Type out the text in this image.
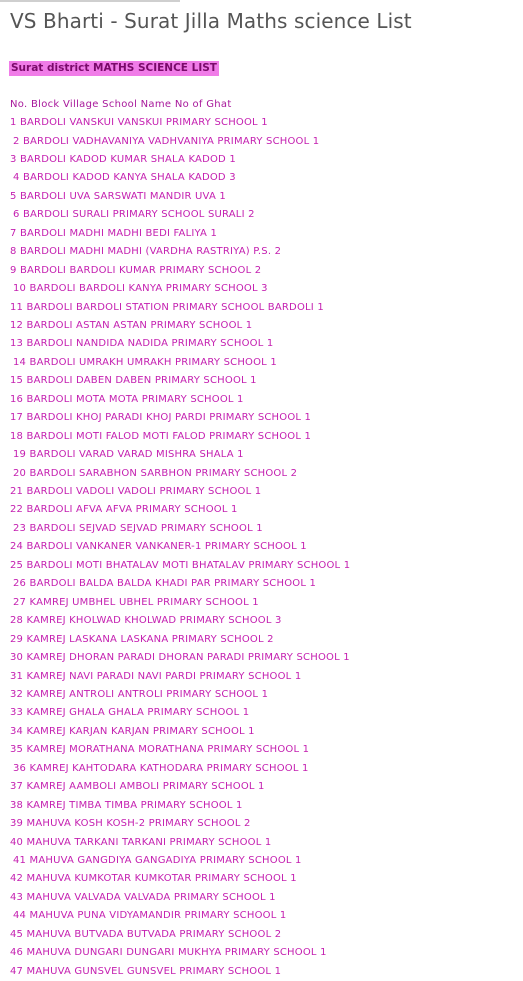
VS Bharti - Surat Jilla Maths science List
Surat district MATHS SCIENCE LIST
No. Block Village School Name No of Ghat
1 BARDOLI VANSKUI VANSKUI PRIMARY SCHOOL 1
2 BARDOLI VADHAVANIYA VADHVANIYA PRIMARY SCHOOL 1
3 BARDOLI KADOD KUMAR SHALA KADOD 1
4 BARDOLI KADOD KANYA SHALA KADOD 3
5 BARDOLI UVA SARSWATI MANDIR UVA 1
6 BARDOLI SURALI PRIMARY SCHOOL SURALI 2
7 BARDOLI MADHI MADHI BEDI FALIYA 1
8 BARDOLI MADHI MADHI (VARDHA RASTRIYA) P.S. 2
9 BARDOLI BARDOLI KUMAR PRIMARY SCHOOL 2
10 BARDOLI BARDOLI KANYA PRIMARY SCHOOL 3
11 BARDOLI BARDOLI STATION PRIMARY SCHOOL BARDOLI 1
12 BARDOLI ASTAN ASTAN PRIMARY SCHOOL 1
13 BARDOLI NANDIDA NADIDA PRIMARY SCHOOL 1
14 BARDOLI UMRAKH UMRAKH PRIMARY SCHOOL 1
15 BARDOLI DABEN DABEN PRIMARY SCHOOL 1
16 BARDOLI MOTA MOTA PRIMARY SCHOOL 1
17 BARDOLI KHOJ PARADI KHOJ PARDI PRIMARY SCHOOL 1
18 BARDOLI MOTI FALOD MOTI FALOD PRIMARY SCHOOL 1
19 BARDOLI VARAD VARAD MISHRA SHALA 1
20 BARDOLI SARABHON SARBHON PRIMARY SCHOOL 2
21 BARDOLI VADOLI VADOLI PRIMARY SCHOOL 1
22 BARDOLI AFVA AFVA PRIMARY SCHOOL 1
23 BARDOLI SEJVAD SEJVAD PRIMARY SCHOOL 1
24 BARDOLI VANKANER VANKANER-1 PRIMARY SCHOOL 1
25 BARDOLI MOTI BHATALAV MOTI BHATALAV PRIMARY SCHOOL 1
26 BARDOLI BALDA BALDA KHADI PAR PRIMARY SCHOOL 1
27 KAMREJ UMBHEL UBHEL PRIMARY SCHOOL 1
28 KAMREJ KHOLWAD KHOLWAD PRIMARY SCHOOL 3
29 KAMREJ LASKANA LASKANA PRIMARY SCHOOL 2
30 KAMREJ DHORAN PARADI DHORAN PARADI PRIMARY SCHOOL 1
31 KAMREJ NAVI PARADI NAVI PARDI PRIMARY SCHOOL 1
32 KAMREJ ANTROLI ANTROLI PRIMARY SCHOOL 1
33 KAMREJ GHALA GHALA PRIMARY SCHOOL 1
34 KAMREJ KARJAN KARJAN PRIMARY SCHOOL 1
35 KAMREJ MORATHANA MORATHANA PRIMARY SCHOOL 1
36 KAMREJ KAHTODARA KATHODARA PRIMARY SCHOOL 1
37 KAMREJ AAMBOLI AMBOLI PRIMARY SCHOOL 1
38 KAMREJ TIMBA TIMBA PRIMARY SCHOOL 1
39 MAHUVA KOSH KOSH-2 PRIMARY SCHOOL 2
40 MAHUVA TARKANI TARKANI PRIMARY SCHOOL 1
41 MAHUVA GANGDIYA GANGADIYA PRIMARY SCHOOL 1
42 MAHUVA KUMKOTAR KUMKOTAR PRIMARY SCHOOL 1
43 MAHUVA VALVADA VALVADA PRIMARY SCHOOL 1
44 MAHUVA PUNA VIDYAMANDIR PRIMARY SCHOOL 1
45 MAHUVA BUTVADA BUTVADA PRIMARY SCHOOL 2
46 MAHUVA DUNGARI DUNGARI MUKHYA PRIMARY SCHOOL 1
47 MAHUVA GUNSVEL GUNSVEL PRIMARY SCHOOL 1
